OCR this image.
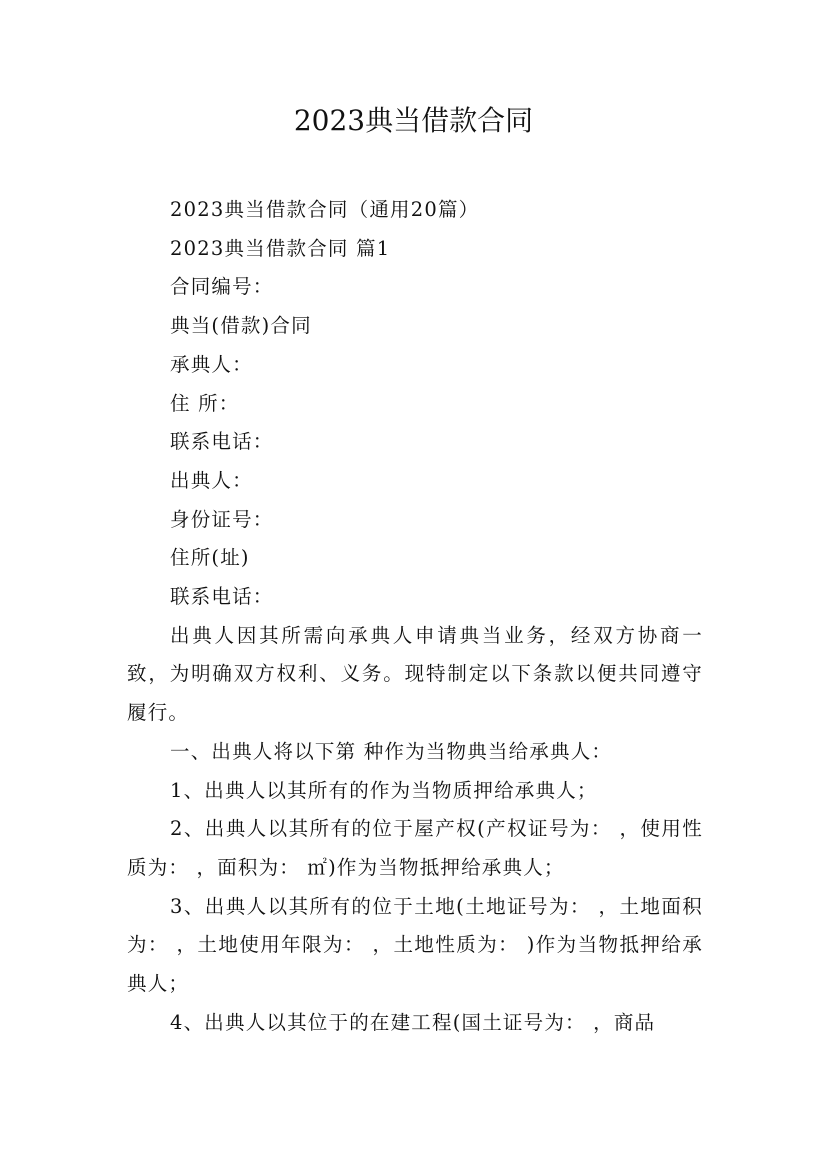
2023典当借款合同

2023典当借款合同（通用20篇）

2023典当借款合同 篇1

合同编号：

典当(借款)合同

承典人：

住 所：

联系电话：

出典人：

身份证号：

住所(址)

联系电话：

出典人因其所需向承典人申请典当业务，经双方协商一致，为明确双方权利、义务。现特制定以下条款以便共同遵守履行。

一、出典人将以下第 种作为当物典当给承典人：

1、出典人以其所有的作为当物质押给承典人；

2、出典人以其所有的位于屋产权(产权证号为： ，使用性质为： ，面积为： ㎡)作为当物抵押给承典人；

3、出典人以其所有的位于土地(土地证号为： ，土地面积为： ，土地使用年限为： ，土地性质为： )作为当物抵押给承典人；

4、出典人以其位于的在建工程(国土证号为： ，商品
